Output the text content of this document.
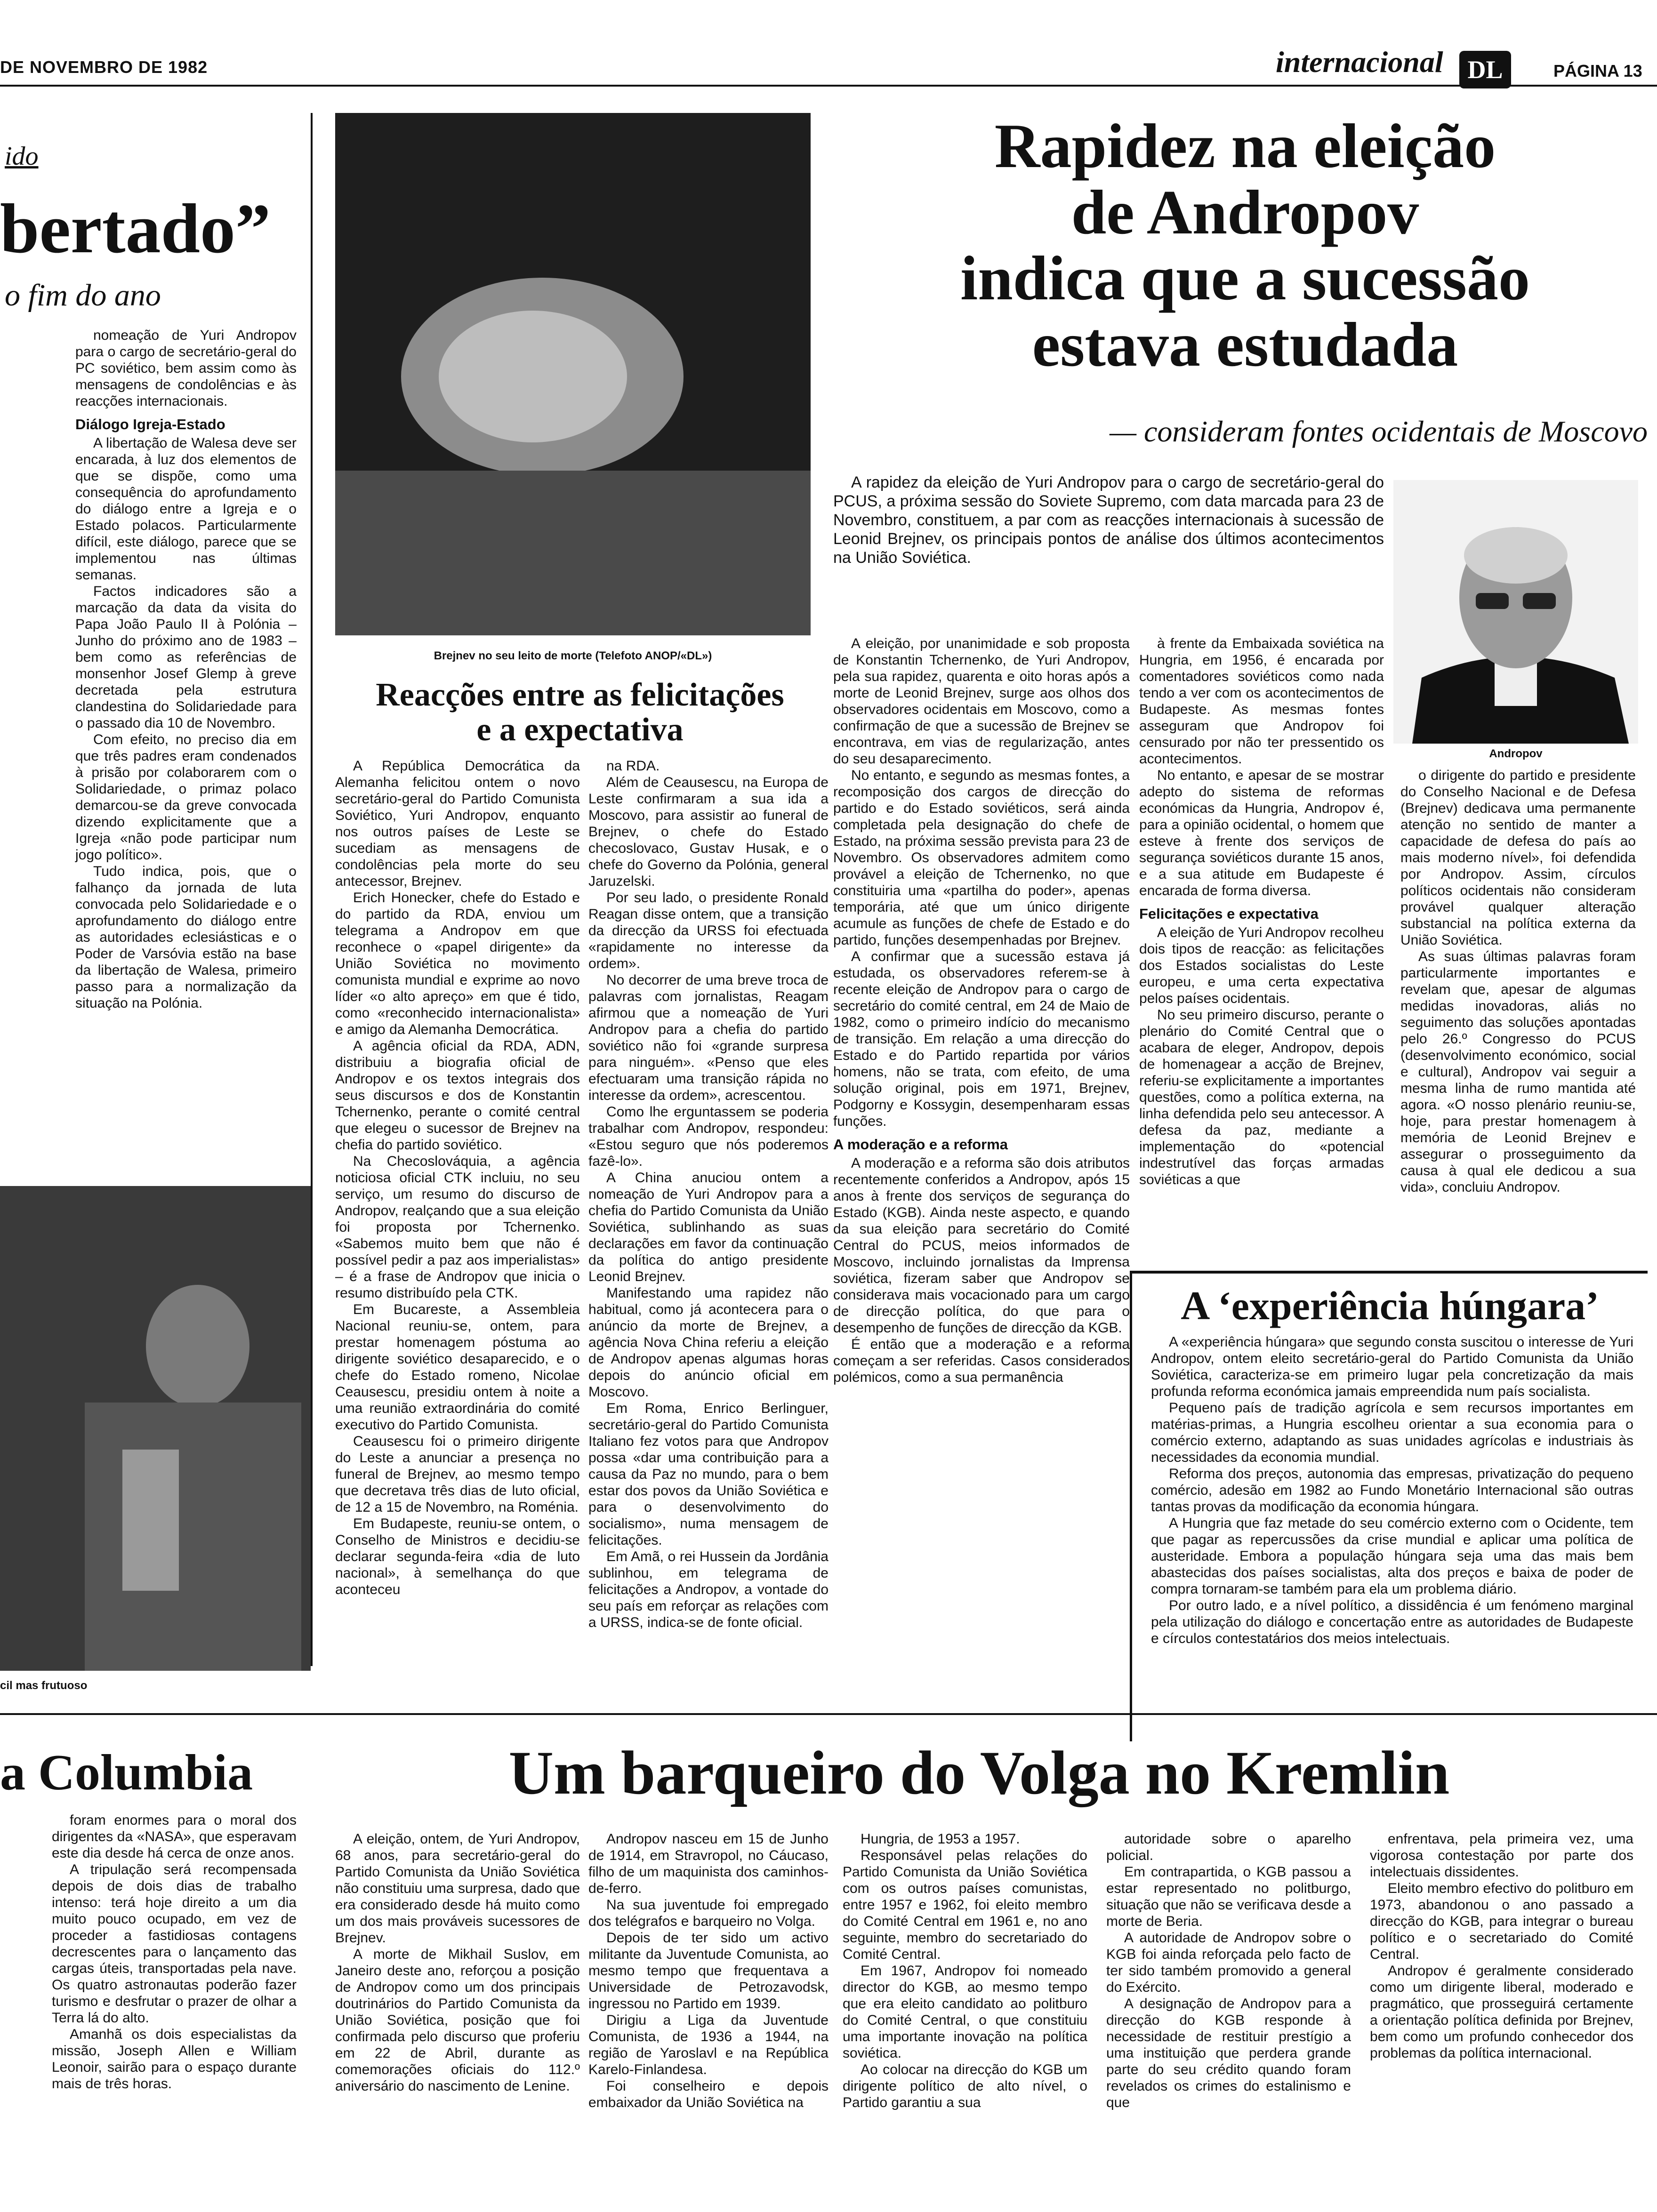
DE NOVEMBRO DE 1982	internacional DL	PÁGINA 13
ido
bertado”
o fim do ano

nomeação de Yuri Andropov para o cargo de secretário-geral do PC soviético, bem assim como às mensagens de condolências e às reacções internacionais.

Diálogo Igreja-Estado

A libertação de Walesa deve ser encarada, à luz dos elementos de que se dispõe, como uma consequência do aprofundamento do diálogo entre a Igreja e o Estado polacos. Particularmente difícil, este diálogo, parece que se implementou nas últimas semanas.

Factos indicadores são a marcação da data da visita do Papa João Paulo II à Polónia – Junho do próximo ano de 1983 – bem como as referências de monsenhor Josef Glemp à greve decretada pela estrutura clandestina do Solidariedade para o passado dia 10 de Novembro.

Com efeito, no preciso dia em que três padres eram condenados à prisão por colaborarem com o Solidariedade, o primaz polaco demarcou-se da greve convocada dizendo explicitamente que a Igreja «não pode participar num jogo político».

Tudo indica, pois, que o falhanço da jornada de luta convocada pelo Solidariedade e o aprofundamento do diálogo entre as autoridades eclesiásticas e o Poder de Varsóvia estão na base da libertação de Walesa, primeiro passo para a normalização da situação na Polónia.

cil mas frutuoso
Brejnev no seu leito de morte (Telefoto ANOP/«DL»)
Rapidez na eleição
de Andropov
indica que a sucessão
estava estudada
— consideram fontes ocidentais de Moscovo

A rapidez da eleição de Yuri Andropov para o cargo de secretário-geral do PCUS, a próxima sessão do Soviete Supremo, com data marcada para 23 de Novembro, constituem, a par com as reacções internacionais à sucessão de Leonid Brejnev, os principais pontos de análise dos últimos acontecimentos na União Soviética.

Andropov

A eleição, por unanimidade e sob proposta de Konstantin Tchernenko, de Yuri Andropov, pela sua rapidez, quarenta e oito horas após a morte de Leonid Brejnev, surge aos olhos dos observadores ocidentais em Moscovo, como a confirmação de que a sucessão de Brejnev se encontrava, em vias de regularização, antes do seu desaparecimento.

No entanto, e segundo as mesmas fontes, a recomposição dos cargos de direcção do partido e do Estado soviéticos, será ainda completada pela designação do chefe de Estado, na próxima sessão prevista para 23 de Novembro. Os observadores admitem como provável a eleição de Tchernenko, no que constituiria uma «partilha do poder», apenas temporária, até que um único dirigente acumule as funções de chefe de Estado e do partido, funções desempenhadas por Brejnev.

A confirmar que a sucessão estava já estudada, os observadores referem-se à recente eleição de Andropov para o cargo de secretário do comité central, em 24 de Maio de 1982, como o primeiro indício do mecanismo de transição. Em relação a uma direcção do Estado e do Partido repartida por vários homens, não se trata, com efeito, de uma solução original, pois em 1971, Brejnev, Podgorny e Kossygin, desempenharam essas funções.

A moderação e a reforma

A moderação e a reforma são dois atributos recentemente conferidos a Andropov, após 15 anos à frente dos serviços de segurança do Estado (KGB). Ainda neste aspecto, e quando da sua eleição para secretário do Comité Central do PCUS, meios informados de Moscovo, incluindo jornalistas da Imprensa soviética, fizeram saber que Andropov se considerava mais vocacionado para um cargo de direcção política, do que para o desempenho de funções de direcção da KGB.

É então que a moderação e a reforma começam a ser referidas. Casos considerados polémicos, como a sua permanência

à frente da Embaixada soviética na Hungria, em 1956, é encarada por comentadores soviéticos como nada tendo a ver com os acontecimentos de Budapeste. As mesmas fontes asseguram que Andropov foi censurado por não ter pressentido os acontecimentos.

No entanto, e apesar de se mostrar adepto do sistema de reformas económicas da Hungria, Andropov é, para a opinião ocidental, o homem que esteve à frente dos serviços de segurança soviéticos durante 15 anos, e a sua atitude em Budapeste é encarada de forma diversa.

Felicitações e expectativa

A eleição de Yuri Andropov recolheu dois tipos de reacção: as felicitações dos Estados socialistas do Leste europeu, e uma certa expectativa pelos países ocidentais.

No seu primeiro discurso, perante o plenário do Comité Central que o acabara de eleger, Andropov, depois de homenagear a acção de Brejnev, referiu-se explicitamente a importantes questões, como a política externa, na linha defendida pelo seu antecessor. A defesa da paz, mediante a implementação do «potencial indestrutível das forças armadas soviéticas a que

o dirigente do partido e presidente do Conselho Nacional e de Defesa (Brejnev) dedicava uma permanente atenção no sentido de manter a capacidade de defesa do país ao mais moderno nível», foi defendida por Andropov. Assim, círculos políticos ocidentais não consideram provável qualquer alteração substancial na política externa da União Soviética.

As suas últimas palavras foram particularmente importantes e revelam que, apesar de algumas medidas inovadoras, aliás no seguimento das soluções apontadas pelo 26.º Congresso do PCUS (desenvolvimento económico, social e cultural), Andropov vai seguir a mesma linha de rumo mantida até agora. «O nosso plenário reuniu-se, hoje, para prestar homenagem à memória de Leonid Brejnev e assegurar o prosseguimento da causa à qual ele dedicou a sua vida», concluiu Andropov.

Reacções entre as felicitações
e a expectativa

A República Democrática da Alemanha felicitou ontem o novo secretário-geral do Partido Comunista Soviético, Yuri Andropov, enquanto nos outros países de Leste se sucediam as mensagens de condolências pela morte do seu antecessor, Brejnev.

Erich Honecker, chefe do Estado e do partido da RDA, enviou um telegrama a Andropov em que reconhece o «papel dirigente» da União Soviética no movimento comunista mundial e exprime ao novo líder «o alto apreço» em que é tido, como «reconhecido internacionalista» e amigo da Alemanha Democrática.

A agência oficial da RDA, ADN, distribuiu a biografia oficial de Andropov e os textos integrais dos seus discursos e dos de Konstantin Tchernenko, perante o comité central que elegeu o sucessor de Brejnev na chefia do partido soviético.

Na Checoslováquia, a agência noticiosa oficial CTK incluiu, no seu serviço, um resumo do discurso de Andropov, realçando que a sua eleição foi proposta por Tchernenko. «Sabemos muito bem que não é possível pedir a paz aos imperialistas» – é a frase de Andropov que inicia o resumo distribuído pela CTK.

Em Bucareste, a Assembleia Nacional reuniu-se, ontem, para prestar homenagem póstuma ao dirigente soviético desaparecido, e o chefe do Estado romeno, Nicolae Ceausescu, presidiu ontem à noite a uma reunião extraordinária do comité executivo do Partido Comunista.

Ceausescu foi o primeiro dirigente do Leste a anunciar a presença no funeral de Brejnev, ao mesmo tempo que decretava três dias de luto oficial, de 12 a 15 de Novembro, na Roménia.

Em Budapeste, reuniu-se ontem, o Conselho de Ministros e decidiu-se declarar segunda-feira «dia de luto nacional», à semelhança do que aconteceu

na RDA.

Além de Ceausescu, na Europa de Leste confirmaram a sua ida a Moscovo, para assistir ao funeral de Brejnev, o chefe do Estado checoslovaco, Gustav Husak, e o chefe do Governo da Polónia, general Jaruzelski.

Por seu lado, o presidente Ronald Reagan disse ontem, que a transição da direcção da URSS foi efectuada «rapidamente no interesse da ordem».

No decorrer de uma breve troca de palavras com jornalistas, Reagam afirmou que a nomeação de Yuri Andropov para a chefia do partido soviético não foi «grande surpresa para ninguém». «Penso que eles efectuaram uma transição rápida no interesse da ordem», acrescentou.

Como lhe erguntassem se poderia trabalhar com Andropov, respondeu: «Estou seguro que nós poderemos fazê-lo».

A China anuciou ontem a nomeação de Yuri Andropov para a chefia do Partido Comunista da União Soviética, sublinhando as suas declarações em favor da continuação da política do antigo presidente Leonid Brejnev.

Manifestando uma rapidez não habitual, como já acontecera para o anúncio da morte de Brejnev, a agência Nova China referiu a eleição de Andropov apenas algumas horas depois do anúncio oficial em Moscovo.

Em Roma, Enrico Berlinguer, secretário-geral do Partido Comunista Italiano fez votos para que Andropov possa «dar uma contribuição para a causa da Paz no mundo, para o bem estar dos povos da União Soviética e para o desenvolvimento do socialismo», numa mensagem de felicitações.

Em Amã, o rei Hussein da Jordânia sublinhou, em telegrama de felicitações a Andropov, a vontade do seu país em reforçar as relações com a URSS, indica-se de fonte oficial.

A ‘experiência húngara’

A «experiência húngara» que segundo consta suscitou o interesse de Yuri Andropov, ontem eleito secretário-geral do Partido Comunista da União Soviética, caracteriza-se em primeiro lugar pela concretização da mais profunda reforma económica jamais empreendida num país socialista.

Pequeno país de tradição agrícola e sem recursos importantes em matérias-primas, a Hungria escolheu orientar a sua economia para o comércio externo, adaptando as suas unidades agrícolas e industriais às necessidades da economia mundial.

Reforma dos preços, autonomia das empresas, privatização do pequeno comércio, adesão em 1982 ao Fundo Monetário Internacional são outras tantas provas da modificação da economia húngara.

A Hungria que faz metade do seu comércio externo com o Ocidente, tem que pagar as repercussões da crise mundial e aplicar uma política de austeridade. Embora a população húngara seja uma das mais bem abastecidas dos países socialistas, alta dos preços e baixa de poder de compra tornaram-se também para ela um problema diário.

Por outro lado, e a nível político, a dissidência é um fenómeno marginal pela utilização do diálogo e concertação entre as autoridades de Budapeste e círculos contestatários dos meios intelectuais.

a Columbia

foram enormes para o moral dos dirigentes da «NASA», que esperavam este dia desde há cerca de onze anos.

A tripulação será recompensada depois de dois dias de trabalho intenso: terá hoje direito a um dia muito pouco ocupado, em vez de proceder a fastidiosas contagens decrescentes para o lançamento das cargas úteis, transportadas pela nave. Os quatro astronautas poderão fazer turismo e desfrutar o prazer de olhar a Terra lá do alto.

Amanhã os dois especialistas da missão, Joseph Allen e William Leonoir, sairão para o espaço durante mais de três horas.

Um barqueiro do Volga no Kremlin

A eleição, ontem, de Yuri Andropov, 68 anos, para secretário-geral do Partido Comunista da União Soviética não constituiu uma surpresa, dado que era considerado desde há muito como um dos mais prováveis sucessores de Brejnev.

A morte de Mikhail Suslov, em Janeiro deste ano, reforçou a posição de Andropov como um dos principais doutrinários do Partido Comunista da União Soviética, posição que foi confirmada pelo discurso que proferiu em 22 de Abril, durante as comemorações oficiais do 112.º aniversário do nascimento de Lenine.

Andropov nasceu em 15 de Junho de 1914, em Stravropol, no Cáucaso, filho de um maquinista dos caminhos-de-ferro.

Na sua juventude foi empregado dos telégrafos e barqueiro no Volga.

Depois de ter sido um activo militante da Juventude Comunista, ao mesmo tempo que frequentava a Universidade de Petrozavodsk, ingressou no Partido em 1939.

Dirigiu a Liga da Juventude Comunista, de 1936 a 1944, na região de Yaroslavl e na República Karelo-Finlandesa.

Foi conselheiro e depois embaixador da União Soviética na

Hungria, de 1953 a 1957.

Responsável pelas relações do Partido Comunista da União Soviética com os outros países comunistas, entre 1957 e 1962, foi eleito membro do Comité Central em 1961 e, no ano seguinte, membro do secretariado do Comité Central.

Em 1967, Andropov foi nomeado director do KGB, ao mesmo tempo que era eleito candidato ao politburo do Comité Central, o que constituiu uma importante inovação na política soviética.

Ao colocar na direcção do KGB um dirigente político de alto nível, o Partido garantiu a sua

autoridade sobre o aparelho policial.

Em contrapartida, o KGB passou a estar representado no politburgo, situação que não se verificava desde a morte de Beria.

A autoridade de Andropov sobre o KGB foi ainda reforçada pelo facto de ter sido também promovido a general do Exército.

A designação de Andropov para a direcção do KGB responde à necessidade de restituir prestígio a uma instituição que perdera grande parte do seu crédito quando foram revelados os crimes do estalinismo e que

enfrentava, pela primeira vez, uma vigorosa contestação por parte dos intelectuais dissidentes.

Eleito membro efectivo do politburo em 1973, abandonou o ano passado a direcção do KGB, para integrar o bureau político e o secretariado do Comité Central.

Andropov é geralmente considerado como um dirigente liberal, moderado e pragmático, que prosseguirá certamente a orientação política definida por Brejnev, bem como um profundo conhecedor dos problemas da política internacional.
